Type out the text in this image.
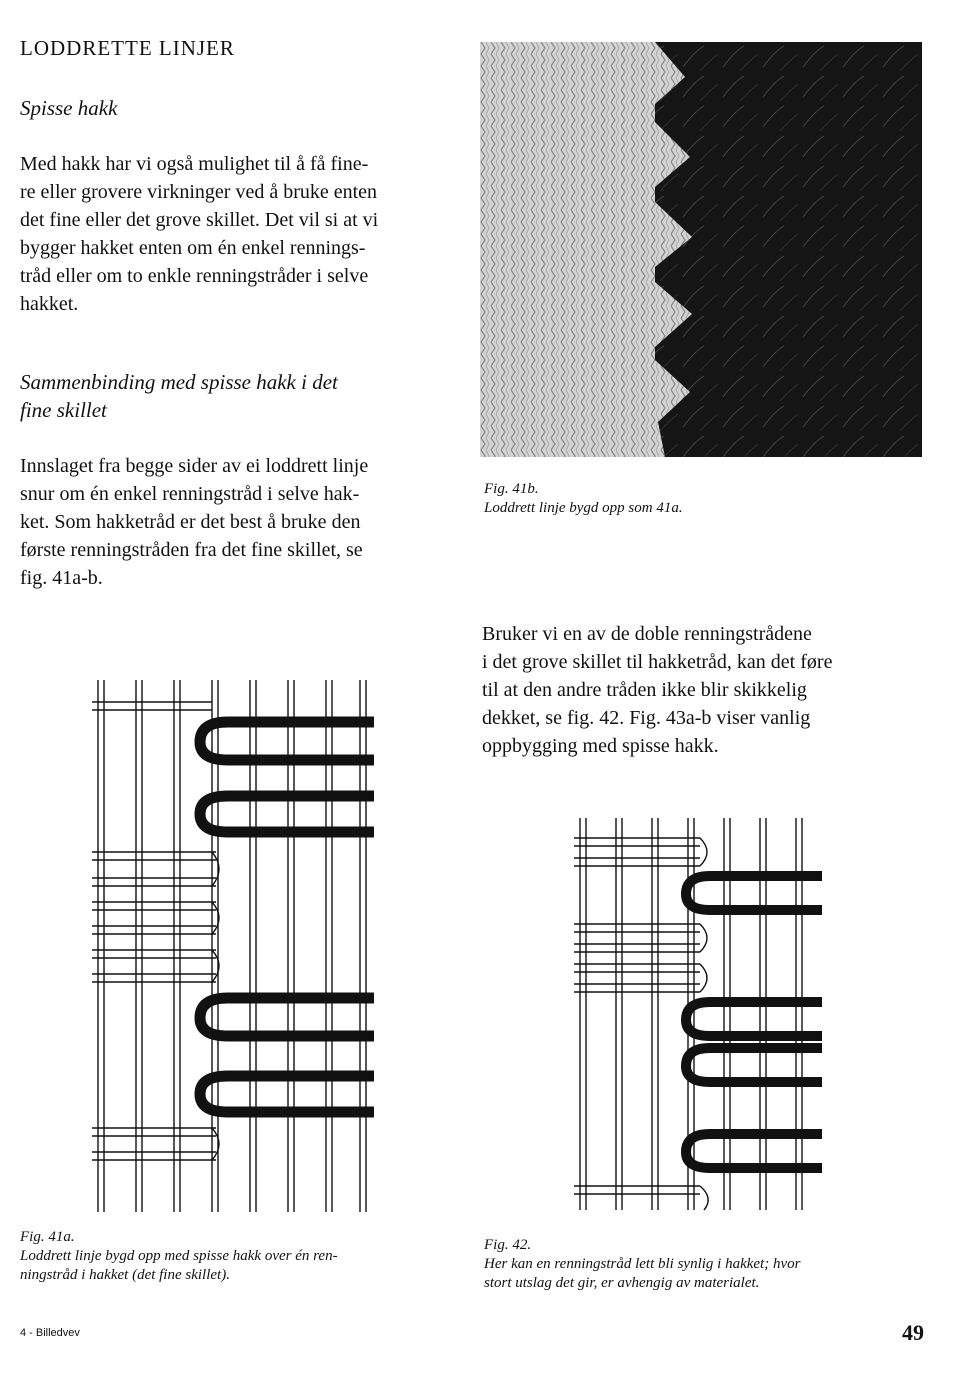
LODDRETTE LINJER
Spisse hakk

Med hakk har vi også mulighet til å få fine-

re eller grovere virkninger ved å bruke enten

det fine eller det grove skillet. Det vil si at vi

bygger hakket enten om én enkel rennings-

tråd eller om to enkle renningstråder i selve

hakket.

Sammenbinding med spisse hakk i det
fine skillet

Innslaget fra begge sider av ei loddrett linje

snur om én enkel renningstråd i selve hak-

ket. Som hakketråd er det best å bruke den

første renningstråden fra det fine skillet, se

fig. 41a-b.

Fig. 41b.
Loddrett linje bygd opp som 41a.

Bruker vi en av de doble renningstrådene

i det grove skillet til hakketråd, kan det føre

til at den andre tråden ikke blir skikkelig

dekket, se fig. 42. Fig. 43a-b viser vanlig

oppbygging med spisse hakk.

Fig. 41a.
Loddrett linje bygd opp med spisse hakk over én ren-
ningstråd i hakket (det fine skillet).
Fig. 42.
Her kan en renningstråd lett bli synlig i hakket; hvor
stort utslag det gir, er avhengig av materialet.
4 - Billedvev	49
